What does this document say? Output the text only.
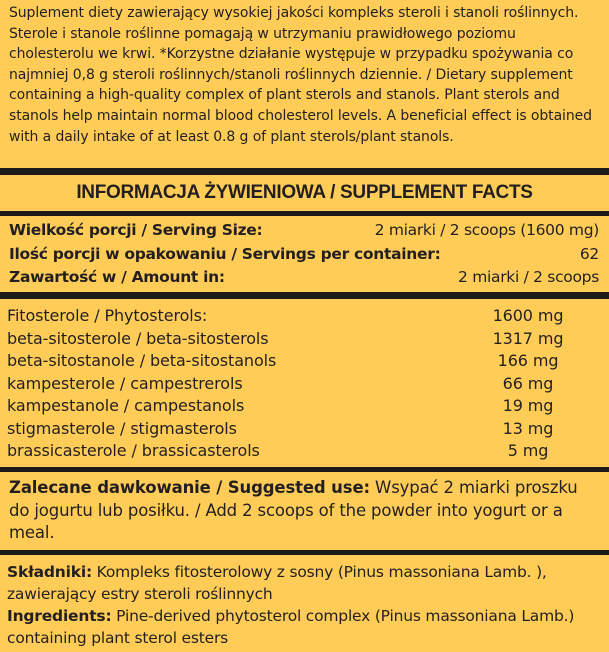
Suplement diety zawierający wysokiej jakości kompleks steroli i stanoli roślinnych. Sterole i stanole roślinne pomagają w utrzymaniu prawidłowego poziomu cholesterolu we krwi. *Korzystne działanie występuje w przypadku spożywania co najmniej 0,8 g steroli roślinnych/stanoli roślinnych dziennie. / Dietary supplement containing a high-quality complex of plant sterols and stanols. Plant sterols and stanols help maintain normal blood cholesterol levels. A beneficial effect is obtained with a daily intake of at least 0.8 g of plant sterols/plant stanols.
INFORMACJA ŻYWIENIOWA / SUPPLEMENT FACTS
Wielkość porcji / Serving Size:	2 miarki / 2 scoops (1600 mg)
Ilość porcji w opakowaniu / Servings per container:	62
Zawartość w / Amount in:	2 miarki / 2 scoops
Fitosterole / Phytosterols:	1600 mg
beta-sitosterole / beta-sitosterols	1317 mg
beta-sitostanole / beta-sitostanols	166 mg
kampesterole / campestrerols	66 mg
kampestanole / campestanols	19 mg
stigmasterole / stigmasterols	13 mg
brassicasterole / brassicasterols	5 mg
Zalecane dawkowanie / Suggested use: Wsypać 2 miarki proszku do jogurtu lub posiłku. / Add 2 scoops of the powder into yogurt or a meal.
Składniki: Kompleks fitosterolowy z sosny (Pinus massoniana Lamb. ), zawierający estry steroli roślinnych
Ingredients: Pine-derived phytosterol complex (Pinus massoniana Lamb.) containing plant sterol esters
